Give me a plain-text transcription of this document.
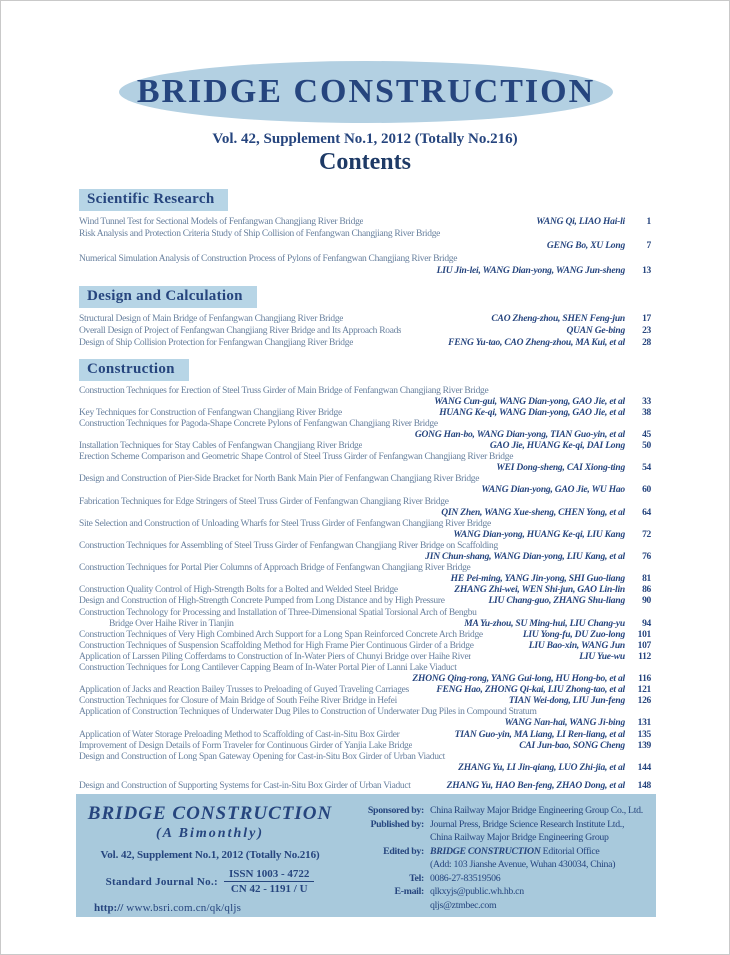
BRIDGE CONSTRUCTION
Vol. 42, Supplement No.1, 2012 (Totally No.216)
Contents
Scientific Research
Wind Tunnel Test for Sectional Models of Fenfangwan Changjiang River Bridge	WANG Qi, LIAO Hai-li	1
Risk Analysis and Protection Criteria Study of Ship Collision of Fenfangwan Changjiang River Bridge
GENG Bo, XU Long	7
Numerical Simulation Analysis of Construction Process of Pylons of Fenfangwan Changjiang River Bridge
LIU Jin-lei, WANG Dian-yong, WANG Jun-sheng	13
Design and Calculation
Structural Design of Main Bridge of Fenfangwan Changjiang River Bridge	CAO Zheng-zhou, SHEN Feng-jun	17
Overall Design of Project of Fenfangwan Changjiang River Bridge and Its Approach Roads	QUAN Ge-bing	23
Design of Ship Collision Protection for Fenfangwan Changjiang River Bridge	FENG Yu-tao, CAO Zheng-zhou, MA Kui, et al	28
Construction
Construction Techniques for Erection of Steel Truss Girder of Main Bridge of Fenfangwan Changjiang River Bridge
WANG Cun-gui, WANG Dian-yong, GAO Jie, et al	33
Key Techniques for Construction of Fenfangwan Changjiang River Bridge	HUANG Ke-qi, WANG Dian-yong, GAO Jie, et al	38
Construction Techniques for Pagoda-Shape Concrete Pylons of Fenfangwan Changjiang River Bridge
GONG Han-bo, WANG Dian-yong, TIAN Guo-yin, et al	45
Installation Techniques for Stay Cables of Fenfangwan Changjiang River Bridge	GAO Jie, HUANG Ke-qi, DAI Long	50
Erection Scheme Comparison and Geometric Shape Control of Steel Truss Girder of Fenfangwan Changjiang River Bridge
WEI Dong-sheng, CAI Xiong-ting	54
Design and Construction of Pier-Side Bracket for North Bank Main Pier of Fenfangwan Changjiang River Bridge
WANG Dian-yong, GAO Jie, WU Hao	60
Fabrication Techniques for Edge Stringers of Steel Truss Girder of Fenfangwan Changjiang River Bridge
QIN Zhen, WANG Xue-sheng, CHEN Yong, et al	64
Site Selection and Construction of Unloading Wharfs for Steel Truss Girder of Fenfangwan Changjiang River Bridge
WANG Dian-yong, HUANG Ke-qi, LIU Kang	72
Construction Techniques for Assembling of Steel Truss Girder of Fenfangwan Changjiang River Bridge on Scaffolding
JIN Chun-shang, WANG Dian-yong, LIU Kang, et al	76
Construction Techniques for Portal Pier Columns of Approach Bridge of Fenfangwan Changjiang River Bridge
HE Pei-ming, YANG Jin-yong, SHI Guo-liang	81
Construction Quality Control of High-Strength Bolts for a Bolted and Welded Steel Bridge	ZHANG Zhi-wei, WEN Shi-jun, GAO Lin-lin	86
Design and Construction of High-Strength Concrete Pumped from Long Distance and by High Pressure	LIU Chang-guo, ZHANG Shu-liang	90
Construction Technology for Processing and Installation of Three-Dimensional Spatial Torsional Arch of Bengbu
Bridge Over Haihe River in Tianjin	MA Yu-zhou, SU Ming-hui, LIU Chang-yu	94
Construction Techniques of Very High Combined Arch Support for a Long Span Reinforced Concrete Arch Bridge	LIU Yong-fu, DU Zuo-long	101
Construction Techniques of Suspension Scaffolding Method for High Frame Pier Continuous Girder of a Bridge	LIU Bao-xin, WANG Jun	107
Application of Larssen Piling Cofferdams to Construction of In-Water Piers of Chunyi Bridge over Haihe River	LIU Yue-wu	112
Construction Techniques for Long Cantilever Capping Beam of In-Water Portal Pier of Lanni Lake Viaduct
ZHONG Qing-rong, YANG Gui-long, HU Hong-bo, et al	116
Application of Jacks and Reaction Bailey Trusses to Preloading of Guyed Traveling Carriages	FENG Hao, ZHONG Qi-kai, LIU Zhong-tao, et al	121
Construction Techniques for Closure of Main Bridge of South Feihe River Bridge in Hefei	TIAN Wei-dong, LIU Jun-feng	126
Application of Construction Techniques of Underwater Dug Piles to Construction of Underwater Dug Piles in Compound Stratum
WANG Nan-hai, WANG Ji-bing	131
Application of Water Storage Preloading Method to Scaffolding of Cast-in-Situ Box Girder	TIAN Guo-yin, MA Liang, LI Ren-liang, et al	135
Improvement of Design Details of Form Traveler for Continuous Girder of Yanjia Lake Bridge	CAI Jun-bao, SONG Cheng	139
Design and Construction of Long Span Gateway Opening for Cast-in-Situ Box Girder of Urban Viaduct
ZHANG Yu, LI Jin-qiang, LUO Zhi-jia, et al	144
Design and Construction of Supporting Systems for Cast-in-Situ Box Girder of Urban Viaduct	ZHANG Yu, HAO Ben-feng, ZHAO Dong, et al	148
BRIDGE CONSTRUCTION
(A Bimonthly)
Vol. 42, Supplement No.1, 2012 (Totally No.216)
Standard Journal No.: $\frac{\text{ISSN 1003 - 4722}}{CN 42 - 1191 / U}$
http:// www.bsri.com.cn/qk/qljs
Sponsored by: China Railway Major Bridge Engineering Group Co., Ltd.
Published by: Journal Press, Bridge Science Research Institute Ltd.,
China Railway Major Bridge Engineering Group
Edited by: BRIDGE CONSTRUCTION Editorial Office
(Add: 103 Jianshe Avenue, Wuhan 430034, China)
Tel: 0086-27-83519506
E-mail: qlkxyjs@public.wh.hb.cn
qljs@ztmbec.com
